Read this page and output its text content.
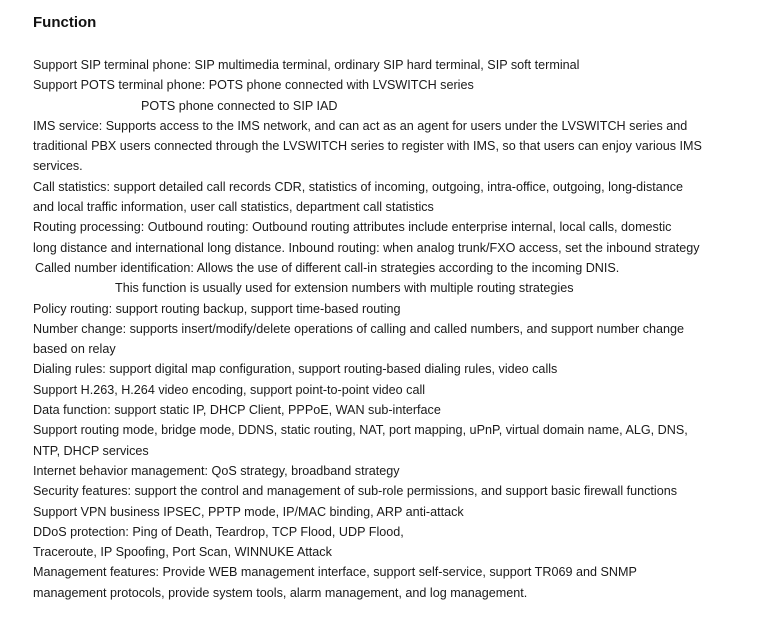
Function
Support SIP terminal phone: SIP multimedia terminal, ordinary SIP hard terminal, SIP soft terminal
Support POTS terminal phone: POTS phone connected with LVSWITCH series
POTS phone connected to SIP IAD
IMS service: Supports access to the IMS network, and can act as an agent for users under the LVSWITCH series and
traditional PBX users connected through the LVSWITCH series to register with IMS, so that users can enjoy various IMS
services.
Call statistics: support detailed call records CDR, statistics of incoming, outgoing, intra-office, outgoing, long-distance
and local traffic information, user call statistics, department call statistics
Routing processing: Outbound routing: Outbound routing attributes include enterprise internal, local calls, domestic
long distance and international long distance. Inbound routing: when analog trunk/FXO access, set the inbound strategy
Called number identification: Allows the use of different call-in strategies according to the incoming DNIS.
This function is usually used for extension numbers with multiple routing strategies
Policy routing: support routing backup, support time-based routing
Number change: supports insert/modify/delete operations of calling and called numbers, and support number change
based on relay
Dialing rules: support digital map configuration, support routing-based dialing rules, video calls
Support H.263, H.264 video encoding, support point-to-point video call
Data function: support static IP, DHCP Client, PPPoE, WAN sub-interface
Support routing mode, bridge mode, DDNS, static routing, NAT, port mapping, uPnP, virtual domain name, ALG, DNS,
NTP, DHCP services
Internet behavior management: QoS strategy, broadband strategy
Security features: support the control and management of sub-role permissions, and support basic firewall functions
Support VPN business IPSEC, PPTP mode, IP/MAC binding, ARP anti-attack
DDoS protection: Ping of Death, Teardrop, TCP Flood, UDP Flood,
Traceroute, IP Spoofing, Port Scan, WINNUKE Attack
Management features: Provide WEB management interface, support self-service, support TR069 and SNMP
management protocols, provide system tools, alarm management, and log management.
